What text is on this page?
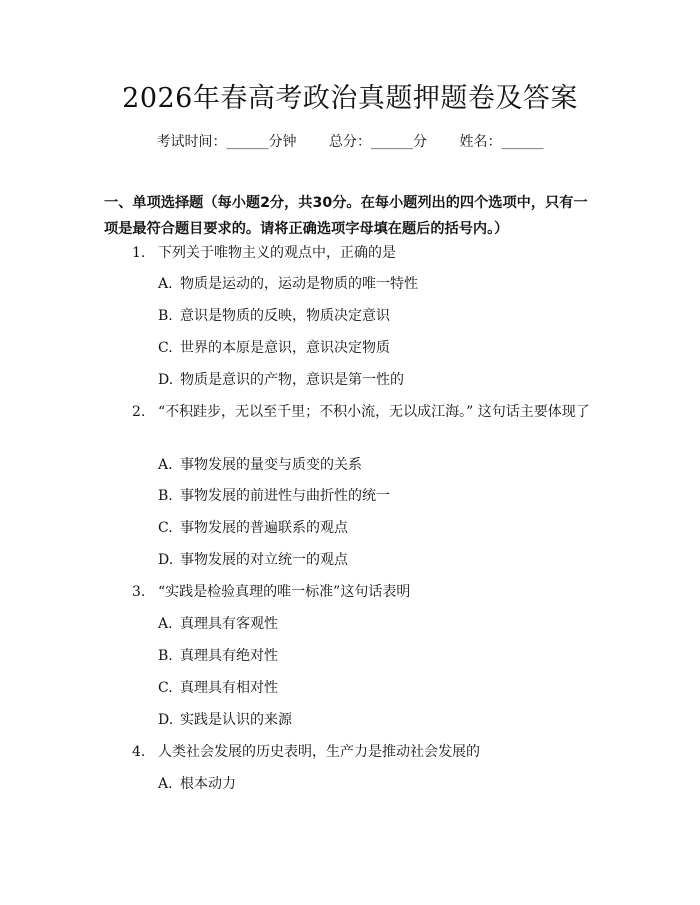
2026年春高考政治真题押题卷及答案
考试时间：______分钟 总分：______分 姓名：______
一、单项选择题（每小题2分，共30分。在每小题列出的四个选项中，只有一项是最符合题目要求的。请将正确选项字母填在题后的括号内。）
1. 下列关于唯物主义的观点中，正确的是
A. 物质是运动的，运动是物质的唯一特性
B. 意识是物质的反映，物质决定意识
C. 世界的本原是意识，意识决定物质
D. 物质是意识的产物，意识是第一性的
2. “不积跬步，无以至千里；不积小流，无以成江海。” 这句话主要体现了
A. 事物发展的量变与质变的关系
B. 事物发展的前进性与曲折性的统一
C. 事物发展的普遍联系的观点
D. 事物发展的对立统一的观点
3. “实践是检验真理的唯一标准”这句话表明
A. 真理具有客观性
B. 真理具有绝对性
C. 真理具有相对性
D. 实践是认识的来源
4. 人类社会发展的历史表明，生产力是推动社会发展的
A. 根本动力
